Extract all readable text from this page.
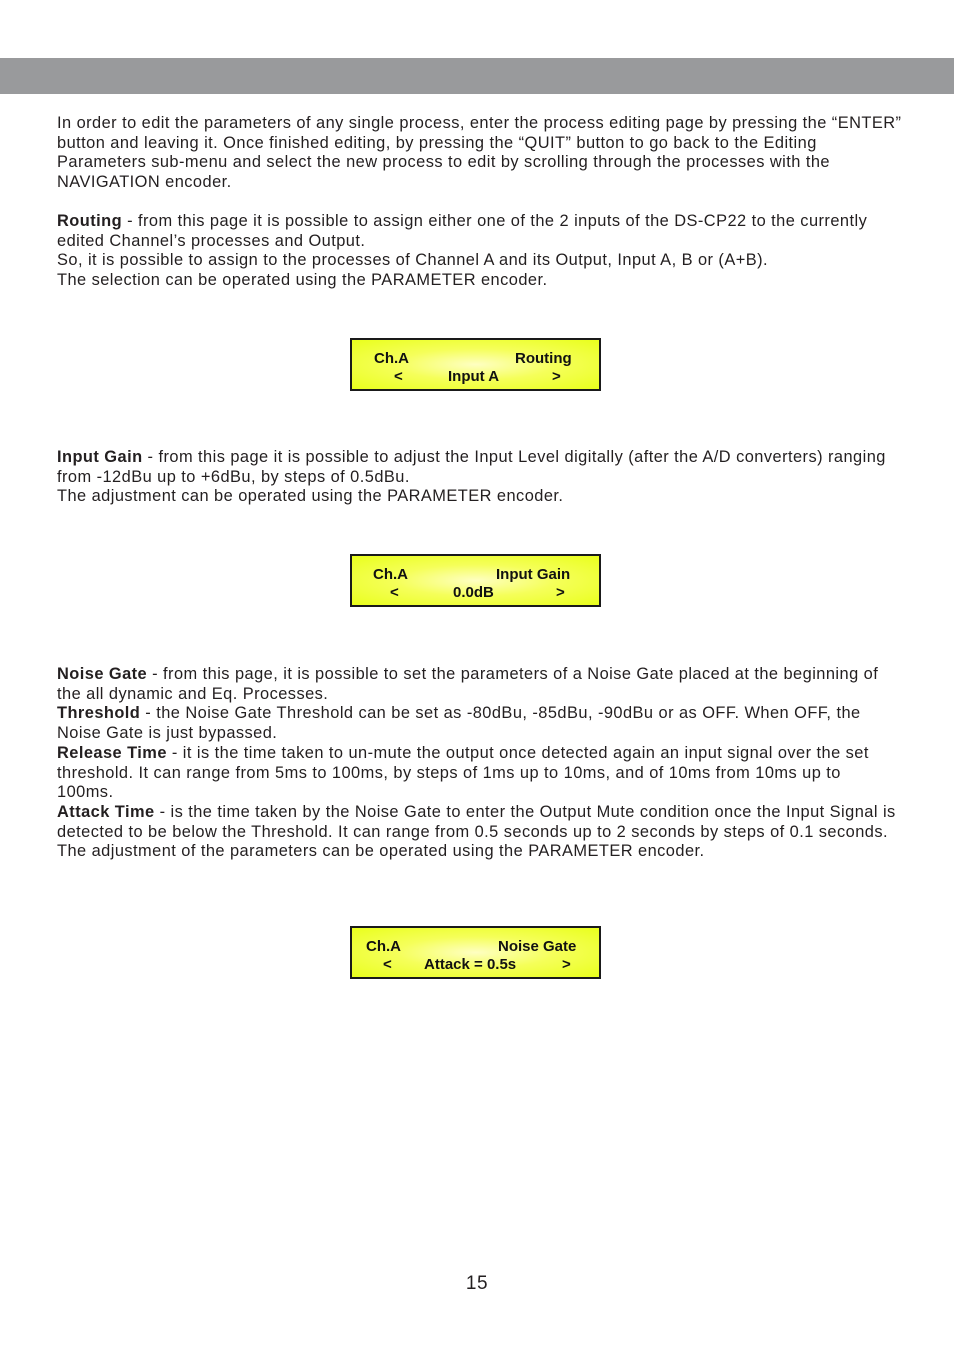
In order to edit the parameters of any single process, enter the process editing page by pressing the “ENTER” button and leaving it. Once finished editing, by pressing the “QUIT” button to go back to the Editing Parameters sub-menu and select the new process to edit by scrolling through the processes with the NAVIGATION encoder.

Routing - from this page it is possible to assign either one of the 2 inputs of the DS-CP22 to the currently edited Channel’s processes and Output.

So, it is possible to assign to the processes of Channel A and its Output, Input A, B or (A+B).

The selection can be operated using the PARAMETER encoder.

Ch.A	Routing
<	Input A	>

Input Gain - from this page it is possible to adjust the Input Level digitally (after the A/D converters) ranging from -12dBu up to +6dBu, by steps of 0.5dBu.

The adjustment can be operated using the PARAMETER encoder.

Ch.A	Input Gain
<	0.0dB	>

Noise Gate - from this page, it is possible to set the parameters of a Noise Gate placed at the beginning of the all dynamic and Eq. Processes.

Threshold - the Noise Gate Threshold can be set as -80dBu, -85dBu, -90dBu or as OFF. When OFF, the Noise Gate is just bypassed.

Release Time - it is the time taken to un-mute the output once detected again an input signal over the set threshold. It can range from 5ms to 100ms, by steps of 1ms up to 10ms, and of 10ms from 10ms up to 100ms.

Attack Time - is the time taken by the Noise Gate to enter the Output Mute condition once the Input Signal is detected to be below the Threshold. It can range from 0.5 seconds up to 2 seconds by steps of 0.1 seconds.

The adjustment of the parameters can be operated using the PARAMETER encoder.

Ch.A	Noise Gate
< Attack = 0.5s	>
15
